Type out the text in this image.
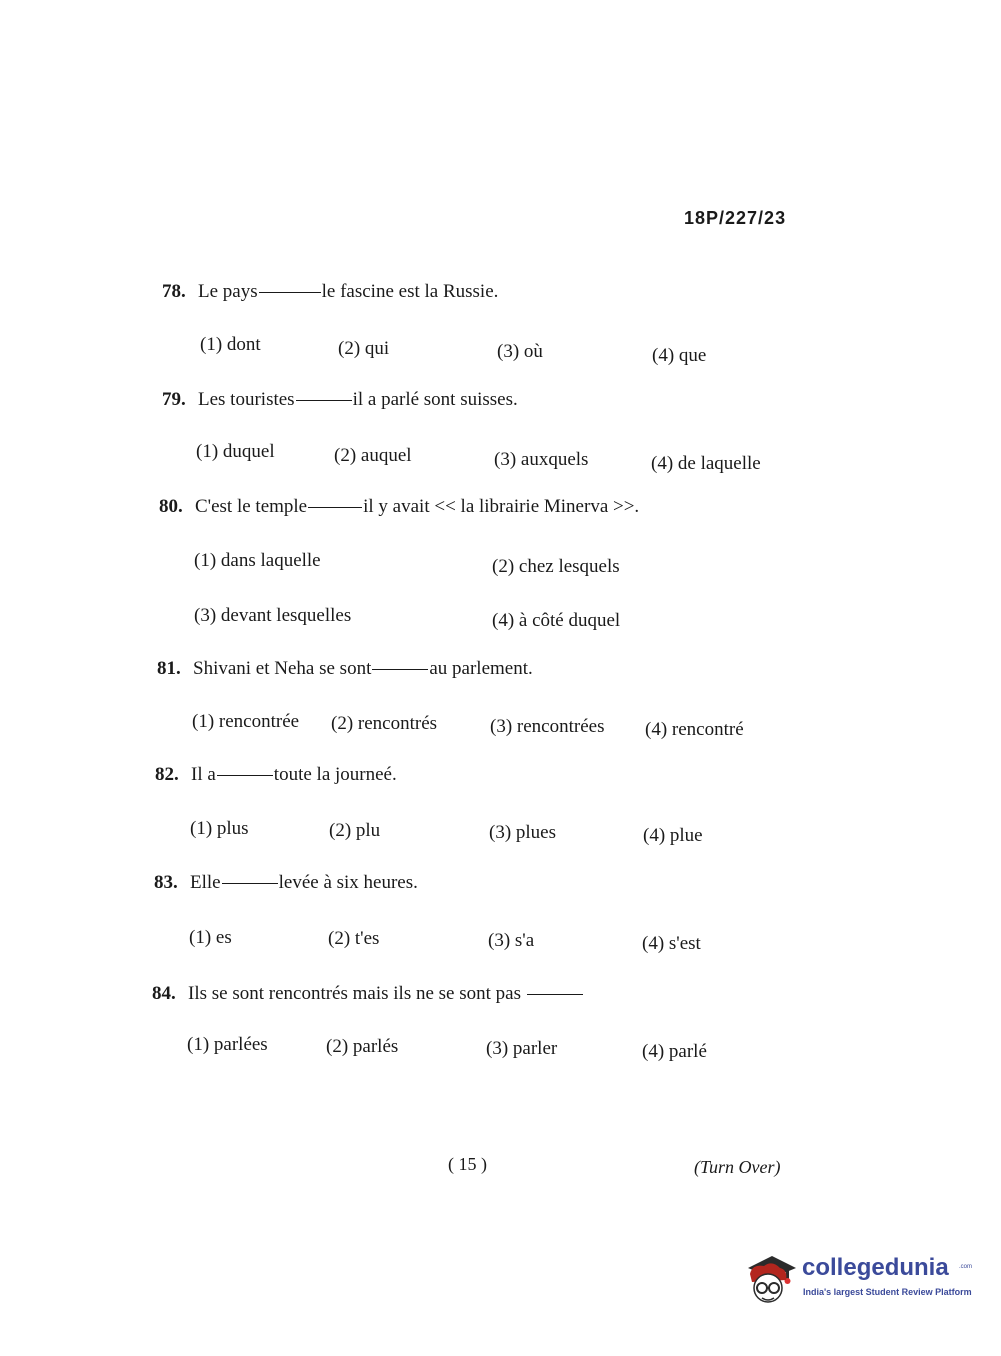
18P/227/23
78. Le pays	le fascine est la Russie.
(1) dont	(2) qui	(3) où	(4) que
79. Les touristes	il a parlé sont suisses.
(1) duquel	(2) auquel	(3) auxquels	(4) de laquelle
80. C'est le temple	il y avait << la librairie Minerva >>.
(1) dans laquelle	(2) chez lesquels
(3) devant lesquelles	(4) à côté duquel
81. Shivani et Neha se sont	au parlement.
(1) rencontrée (2) rencontrés	(3) rencontrées (4) rencontré
82. Il a	toute la journeé.
(1) plus	(2) plu	(3) plues	(4) plue
83. Elle	levée à six heures.
(1) es	(2) t'es	(3) s'a	(4) s'est
84. Ils se sont rencontrés mais ils ne se sont pas
(1) parlées	(2) parlés	(3) parler	(4) parlé
( 15 )	(Turn Over)
collegedunia .com
India's largest Student Review Platform
